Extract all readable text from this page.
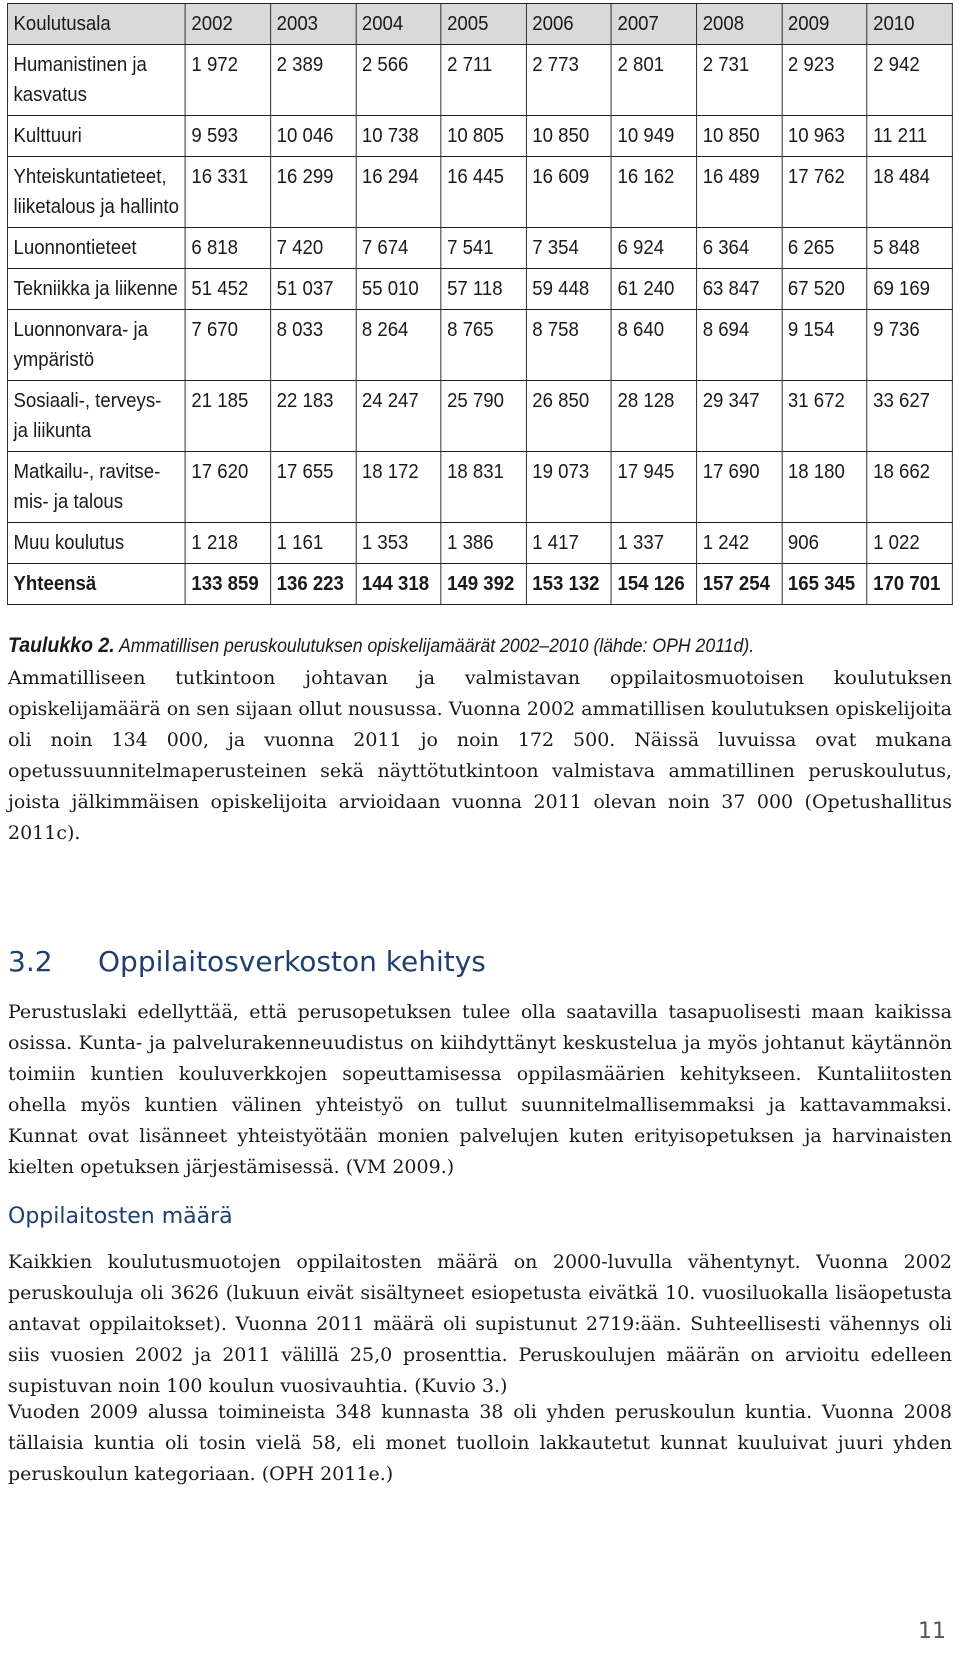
Koulutusala	2002	2003	2004	2005	2006	2007	2008	2009	2010
Humanistinen ja kasvatus	1 972	2 389	2 566	2 711	2 773	2 801	2 731	2 923	2 942
Kulttuuri	9 593	10 046	10 738	10 805	10 850	10 949	10 850	10 963	11 211
Yhteiskuntatieteet, liiketalous ja hallinto	16 331	16 299	16 294	16 445	16 609	16 162	16 489	17 762	18 484
Luonnontieteet	6 818	7 420	7 674	7 541	7 354	6 924	6 364	6 265	5 848
Tekniikka ja liikenne	51 452	51 037	55 010	57 118	59 448	61 240	63 847	67 520	69 169
Luonnonvara- ja ympäristö	7 670	8 033	8 264	8 765	8 758	8 640	8 694	9 154	9 736
Sosiaali-, terveys- ja liikunta	21 185	22 183	24 247	25 790	26 850	28 128	29 347	31 672	33 627
Matkailu-, ravitse-mis- ja talous	17 620	17 655	18 172	18 831	19 073	17 945	17 690	18 180	18 662
Muu koulutus	1 218	1 161	1 353	1 386	1 417	1 337	1 242	906	1 022
Yhteensä	133 859	136 223	144 318	149 392	153 132	154 126	157 254	165 345	170 701
Taulukko 2. Ammatillisen peruskoulutuksen opiskelijamäärät 2002–2010 (lähde: OPH 2011d).

Ammatilliseen tutkintoon johtavan ja valmistavan oppilaitosmuotoisen koulutuksen opiskelijamäärä on sen sijaan ollut nousussa. Vuonna 2002 ammatillisen koulutuksen opiskelijoita oli noin 134 000, ja vuonna 2011 jo noin 172 500. Näissä luvuissa ovat mukana opetussuunnitelmaperusteinen sekä näyttötutkintoon valmistava ammatillinen peruskoulutus, joista jälkimmäisen opiskelijoita arvioidaan vuonna 2011 olevan noin 37 000 (Opetushallitus 2011c).

3.2 Oppilaitosverkoston kehitys

Perustuslaki edellyttää, että perusopetuksen tulee olla saatavilla tasapuolisesti maan kaikissa osissa. Kunta- ja palvelurakenneuudistus on kiihdyttänyt keskustelua ja myös johtanut käytännön toimiin kuntien kouluverkkojen sopeuttamisessa oppilasmäärien kehitykseen. Kuntaliitosten ohella myös kuntien välinen yhteistyö on tullut suunnitelmallisemmaksi ja kattavammaksi. Kunnat ovat lisänneet yhteistyötään monien palvelujen kuten erityisopetuksen ja harvinaisten kielten opetuksen järjestämisessä. (VM 2009.)

Oppilaitosten määrä

Kaikkien koulutusmuotojen oppilaitosten määrä on 2000-luvulla vähentynyt. Vuonna 2002 peruskouluja oli 3626 (lukuun eivät sisältyneet esiopetusta eivätkä 10. vuosiluokalla lisäopetusta antavat oppilaitokset). Vuonna 2011 määrä oli supistunut 2719:ään. Suhteellisesti vähennys oli siis vuosien 2002 ja 2011 välillä 25,0 prosenttia. Peruskoulujen määrän on arvioitu edelleen supistuvan noin 100 koulun vuosivauhtia. (Kuvio 3.)

Vuoden 2009 alussa toimineista 348 kunnasta 38 oli yhden peruskoulun kuntia. Vuonna 2008 tällaisia kuntia oli tosin vielä 58, eli monet tuolloin lakkautetut kunnat kuuluivat juuri yhden peruskoulun kategoriaan. (OPH 2011e.)

11
